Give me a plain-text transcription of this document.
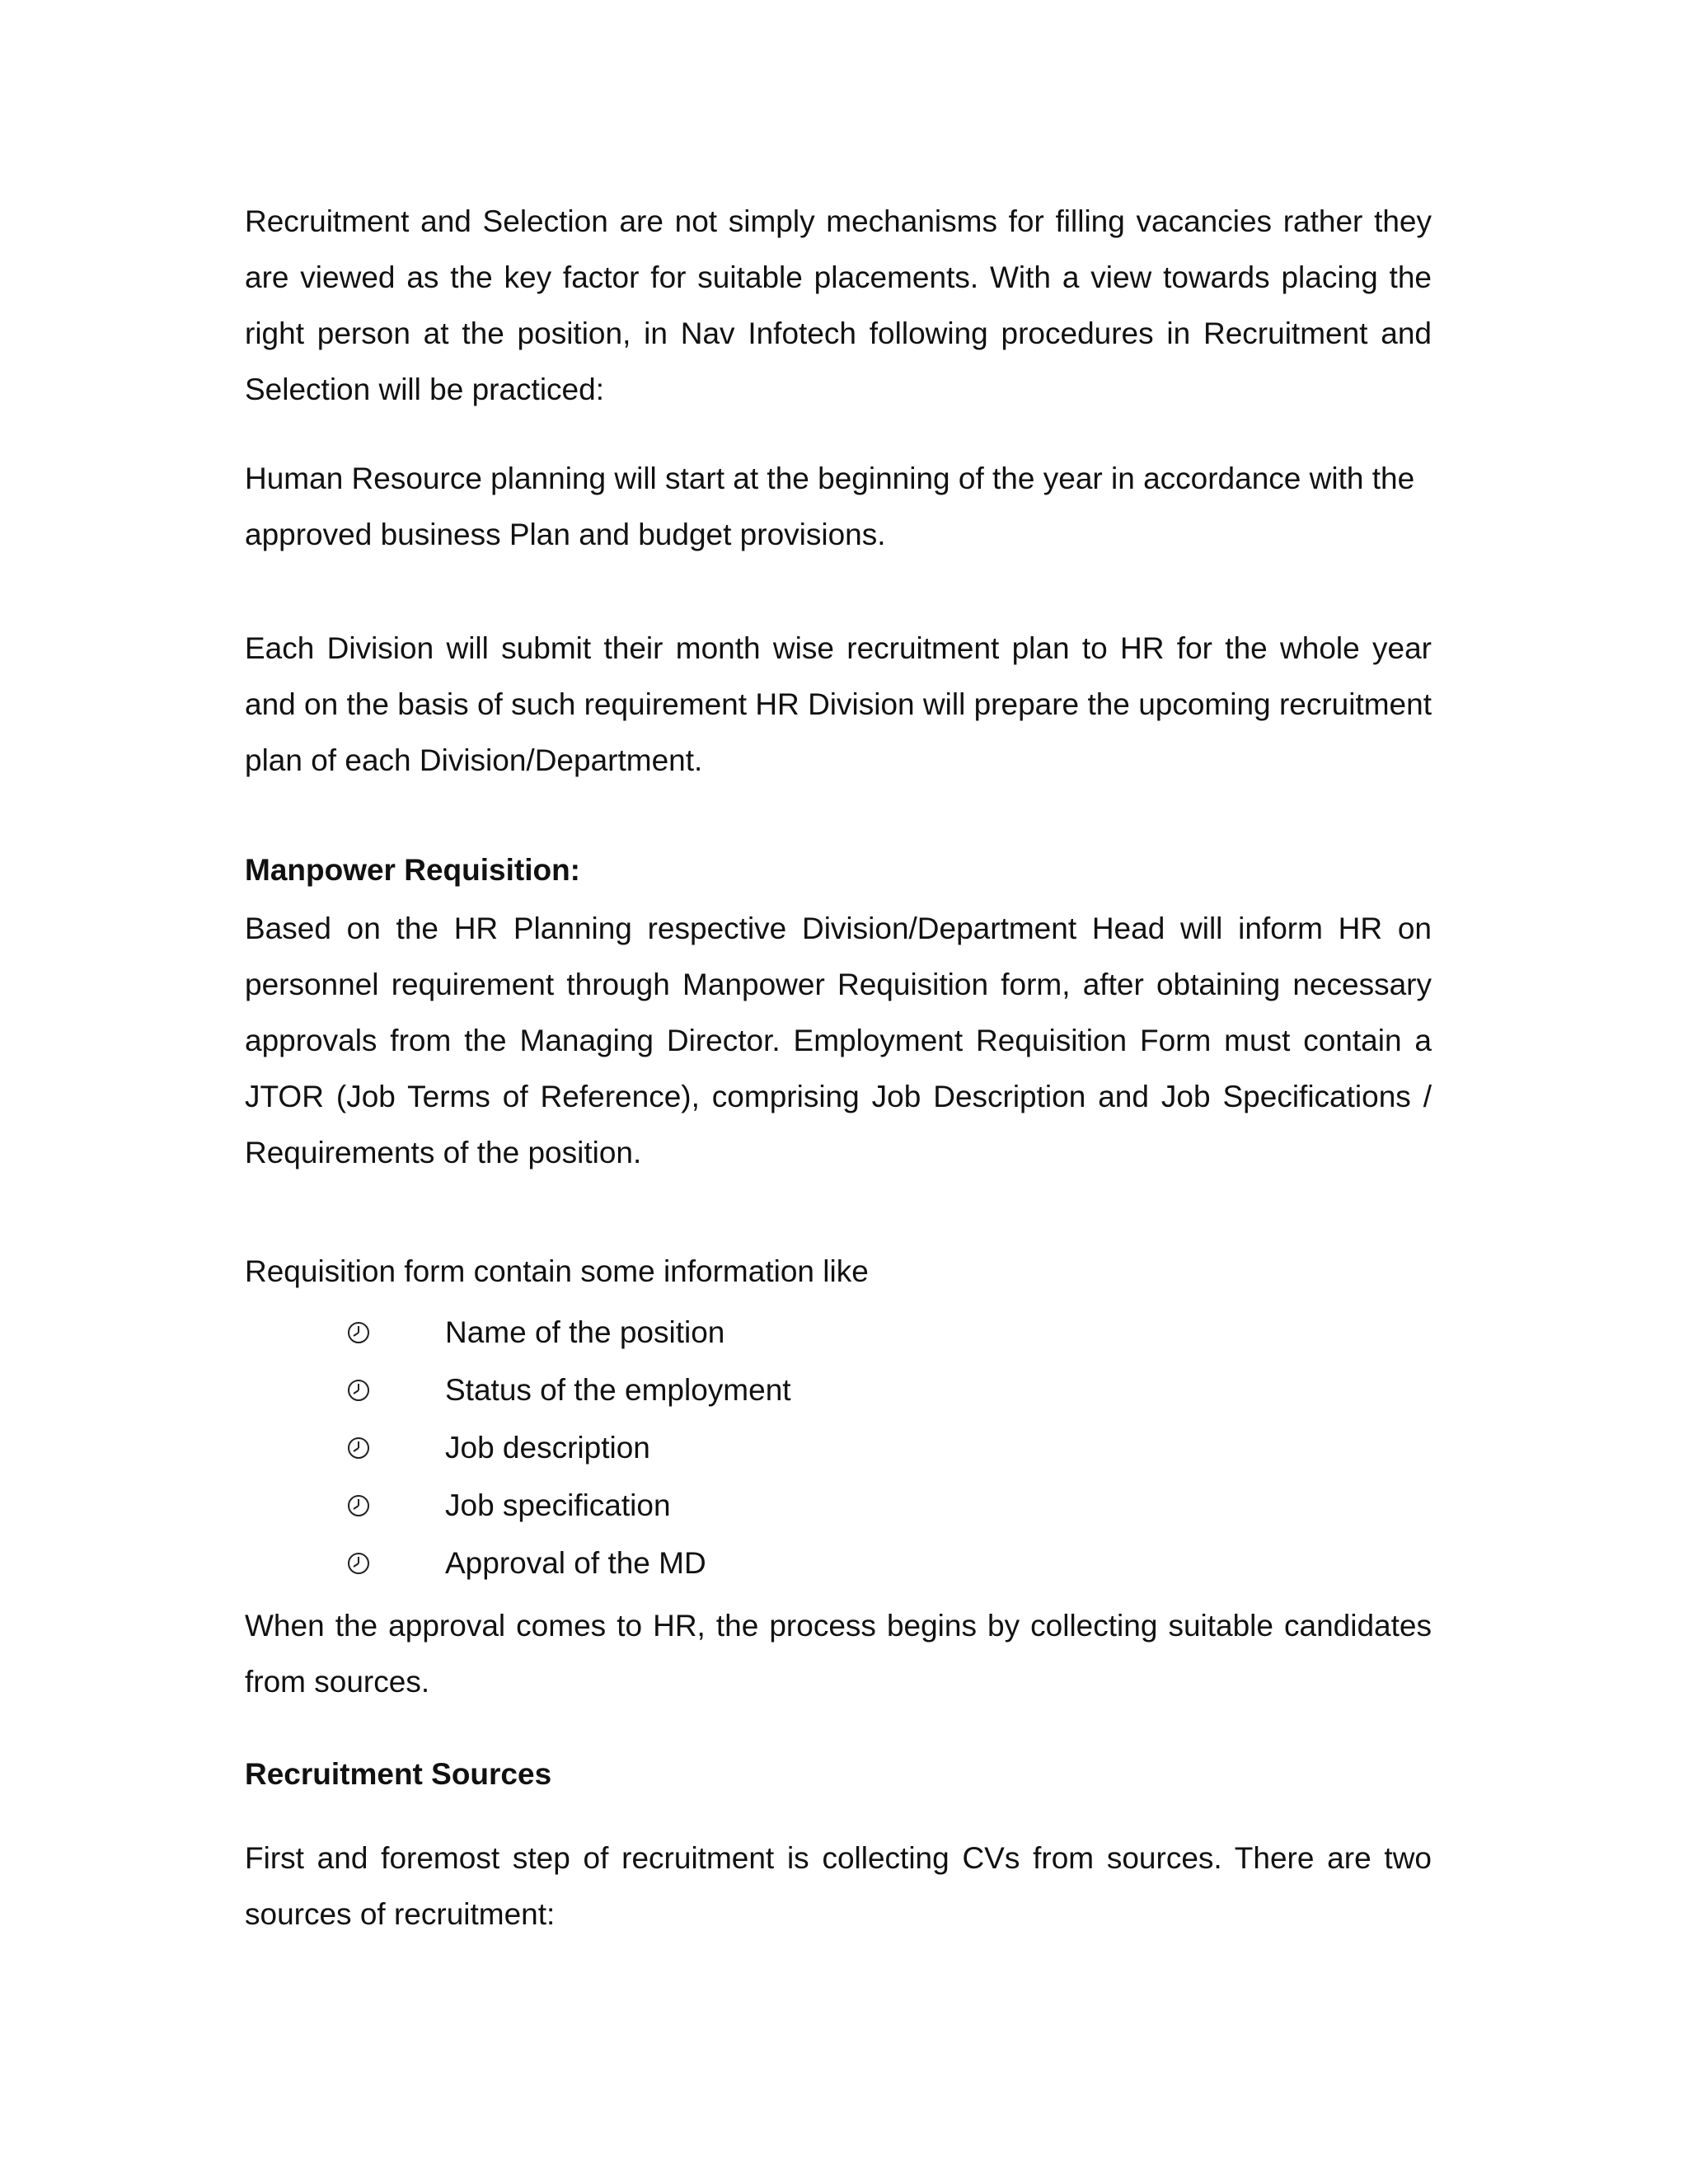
Recruitment and Selection are not simply mechanisms for filling vacancies rather they are viewed as the key factor for suitable placements. With a view towards placing the right person at the position, in Nav Infotech following procedures in Recruitment and Selection will be practiced:

Human Resource planning will start at the beginning of the year in accordance with the approved business Plan and budget provisions.

Each Division will submit their month wise recruitment plan to HR for the whole year and on the basis of such requirement HR Division will prepare the upcoming recruitment plan of each Division/Department.

Manpower Requisition:

Based on the HR Planning respective Division/Department Head will inform HR on personnel requirement through Manpower Requisition form, after obtaining necessary approvals from the Managing Director. Employment Requisition Form must contain a JTOR (Job Terms of Reference), comprising Job Description and Job Specifications / Requirements of the position.

Requisition form contain some information like

Name of the position
Status of the employment
Job description
Job specification
Approval of the MD

When the approval comes to HR, the process begins by collecting suitable candidates from sources.

Recruitment Sources

First and foremost step of recruitment is collecting CVs from sources. There are two sources of recruitment:
